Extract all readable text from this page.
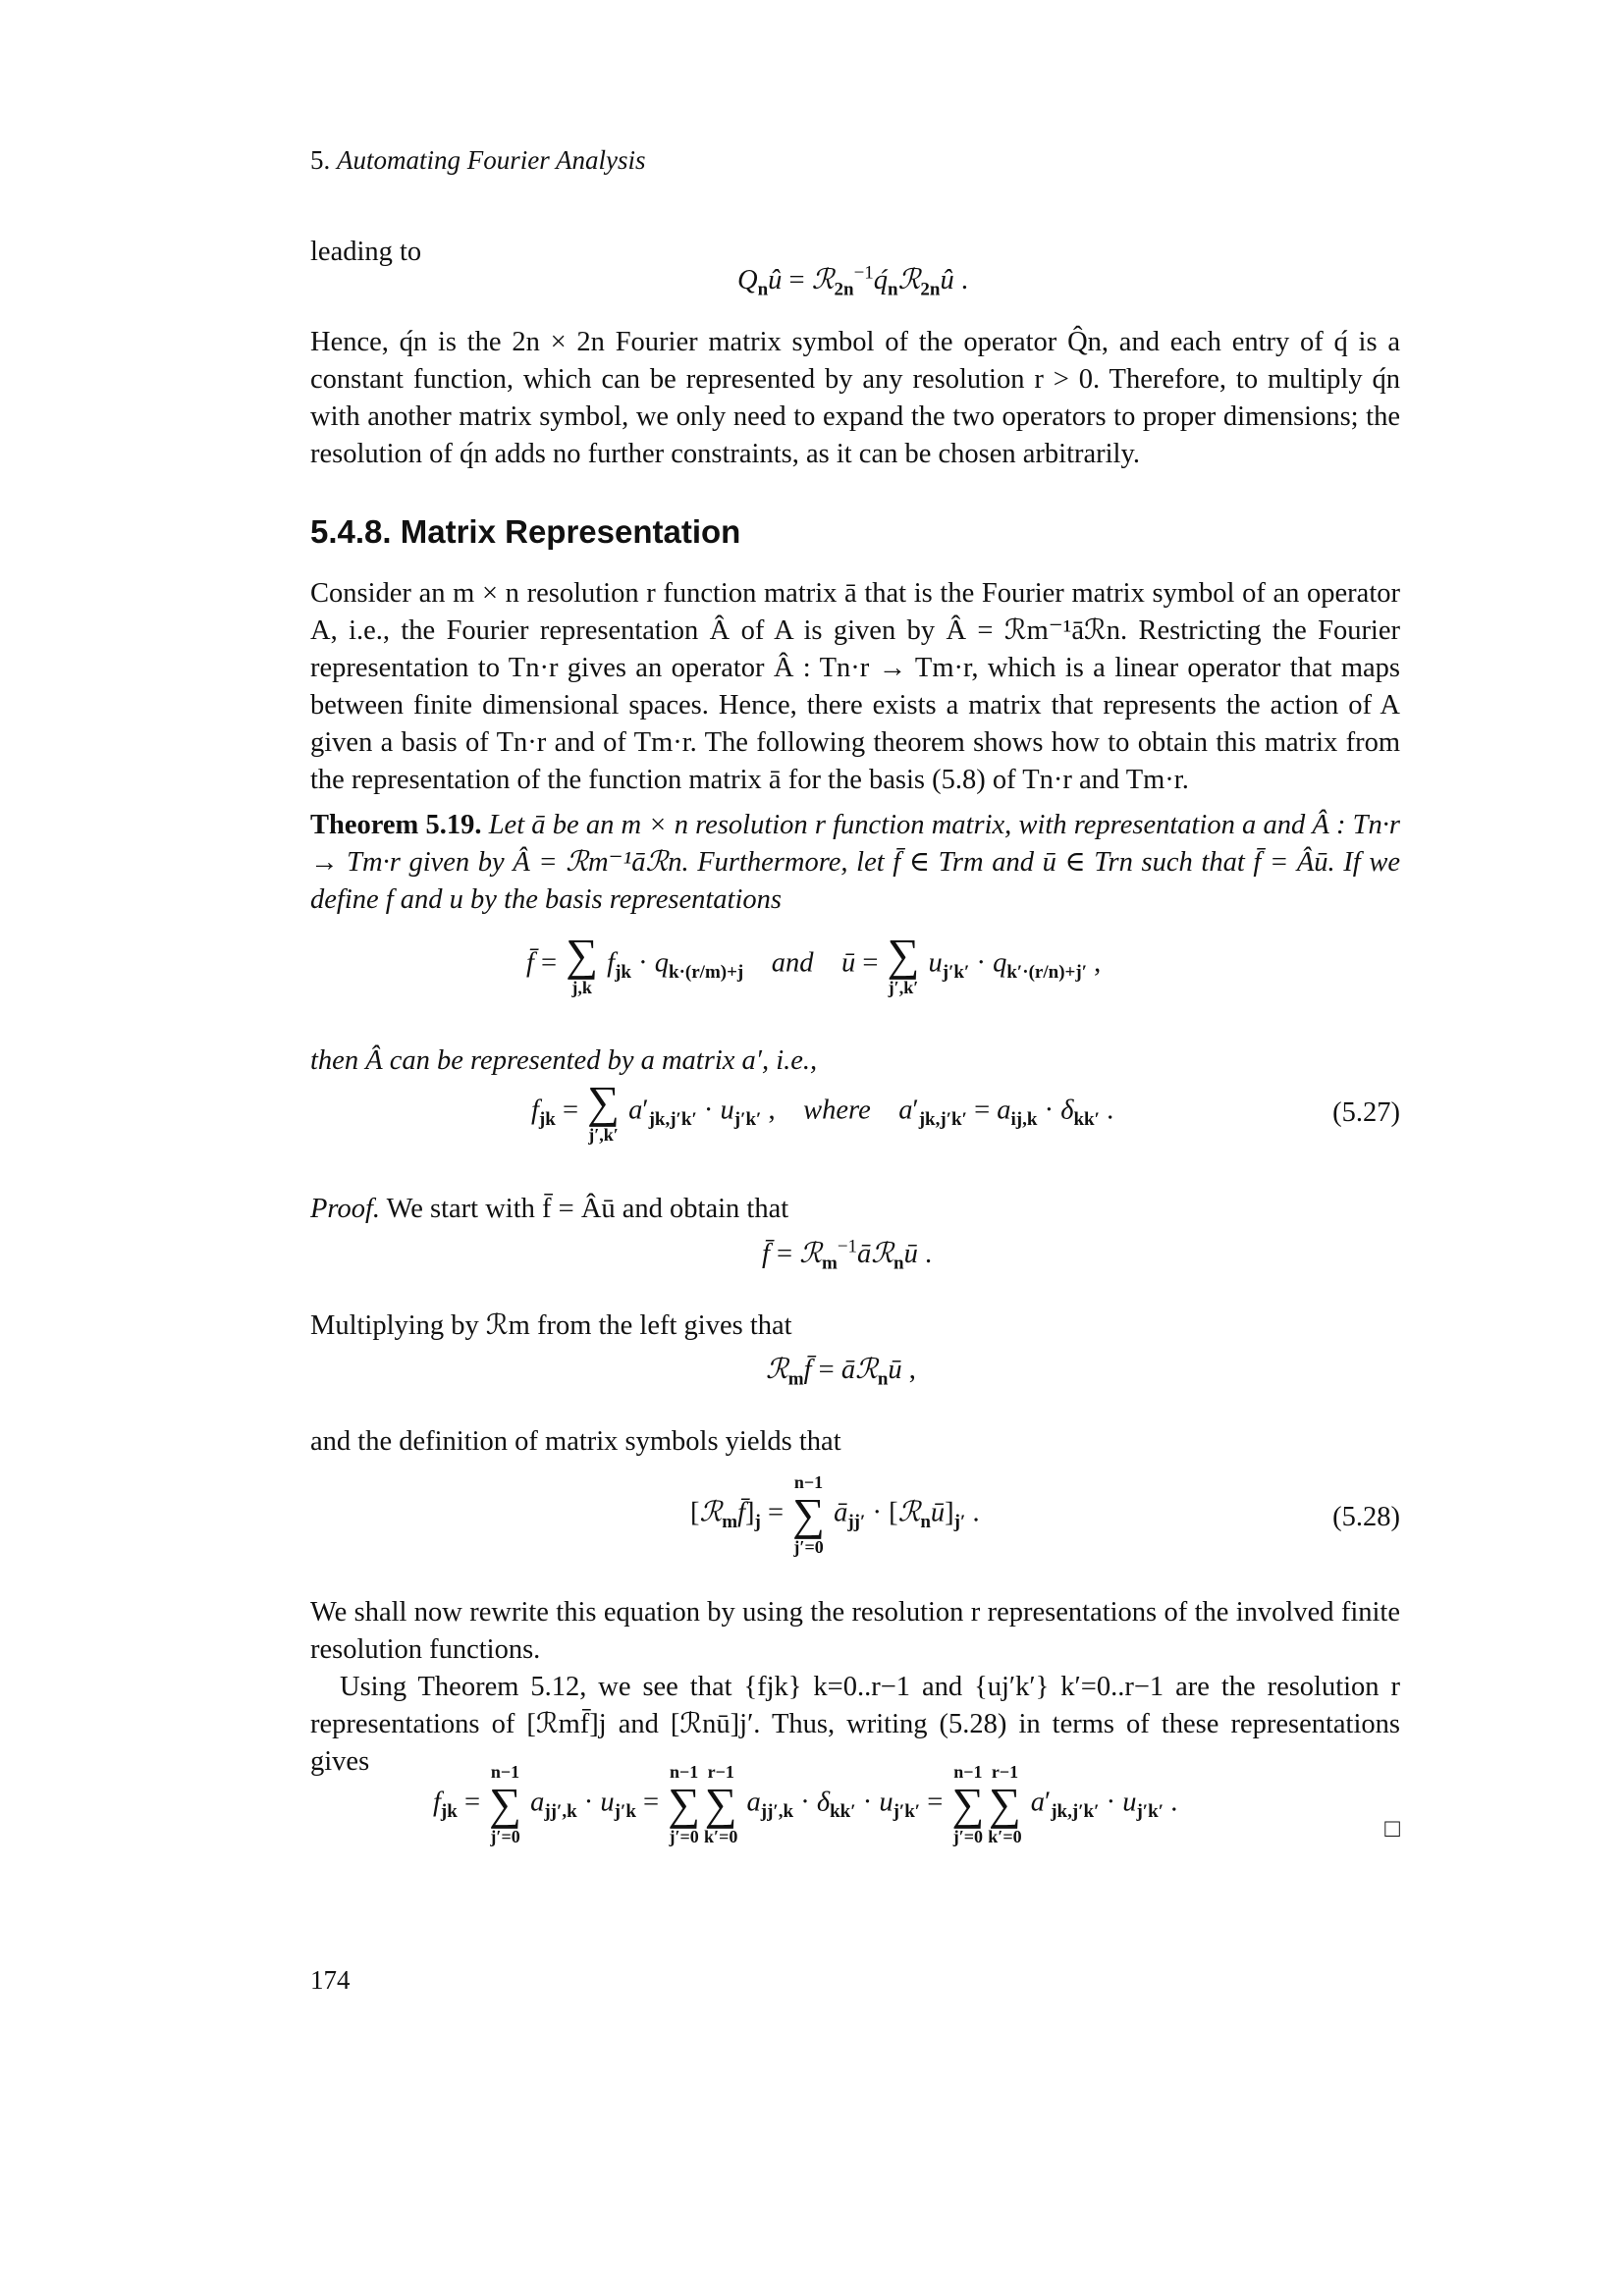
5. Automating Fourier Analysis
leading to
$Q_nû$ = $ℛ_{2n}^{-1}q́_nℛ_{2n}û$ .

Hence, q́n is the 2n × 2n Fourier matrix symbol of the operator Q̂n, and each entry of q́ is a constant function, which can be represented by any resolution r > 0. Therefore, to multiply q́n with another matrix symbol, we only need to expand the two operators to proper dimensions; the resolution of q́n adds no further constraints, as it can be chosen arbitrarily.

5.4.8. Matrix Representation

Consider an m × n resolution r function matrix ā that is the Fourier matrix symbol of an operator A, i.e., the Fourier representation Â of A is given by Â = ℛm⁻¹āℛn. Restricting the Fourier representation to Tn·r gives an operator Â : Tn·r → Tm·r, which is a linear operator that maps between finite dimensional spaces. Hence, there exists a matrix that represents the action of A given a basis of Tn·r and of Tm·r. The following theorem shows how to obtain this matrix from the representation of the function matrix ā for the basis (5.8) of Tn·r and Tm·r.

Theorem 5.19. Let ā be an m × n resolution r function matrix, with representation a and Â : Tn·r → Tm·r given by Â = ℛm⁻¹āℛn. Furthermore, let f̄ ∈ Trm and ū ∈ Trn such that f̄ = Âū. If we define f and u by the basis representations

f̄ = ∑
j,k
$f_{jk} \cdot q_{k\cdot(r/m)+j}$ and ū = ∑
j′,k′
$u_{j'k'} \cdot q_{k'\cdot(r/n)+j'}$ ,
then Â can be represented by a matrix a′, i.e.,
$f_{jk}$ = ∑
j′,k′
$a'_{jk,j'k'} \cdot u_{j'k'}$ ,    where $a'_{jk,j'k'} = a_{ij,k} \cdot \delta_{kk'}$ .	(5.27)

Proof. We start with f̄ = Âū and obtain that

f̄ = ℛ$_m^{-1}$āℛ$_n$ū .
Multiplying by ℛm from the left gives that
ℛ$_m$f̄ = āℛ$_n$ū ,
and the definition of matrix symbols yields that
$[ℛ_mf̄]_j$ =
n−1
∑
j′=0
$ā_{jj'}$ · $[ℛ_nū]_{j'}$ .	(5.28)

We shall now rewrite this equation by using the resolution r representations of the involved finite resolution functions.

Using Theorem 5.12, we see that {fjk} k=0..r−1 and {uj′k′} k′=0..r−1 are the resolution r representations of [ℛmf̄]j and [ℛnū]j′. Thus, writing (5.28) in terms of these representations gives

$f_{jk}$ =
n−1
∑
j′=0
$a_{jj',k} \cdot u_{j'k}$ =
n−1
∑
j′=0
r−1
∑
k′=0
$a_{jj',k} \cdot \delta_{kk'} \cdot u_{j'k'}$ =
n−1
∑
j′=0
r−1
∑
k′=0
$a'_{jk,j'k'} \cdot u_{j'k'}$ .
□
174
